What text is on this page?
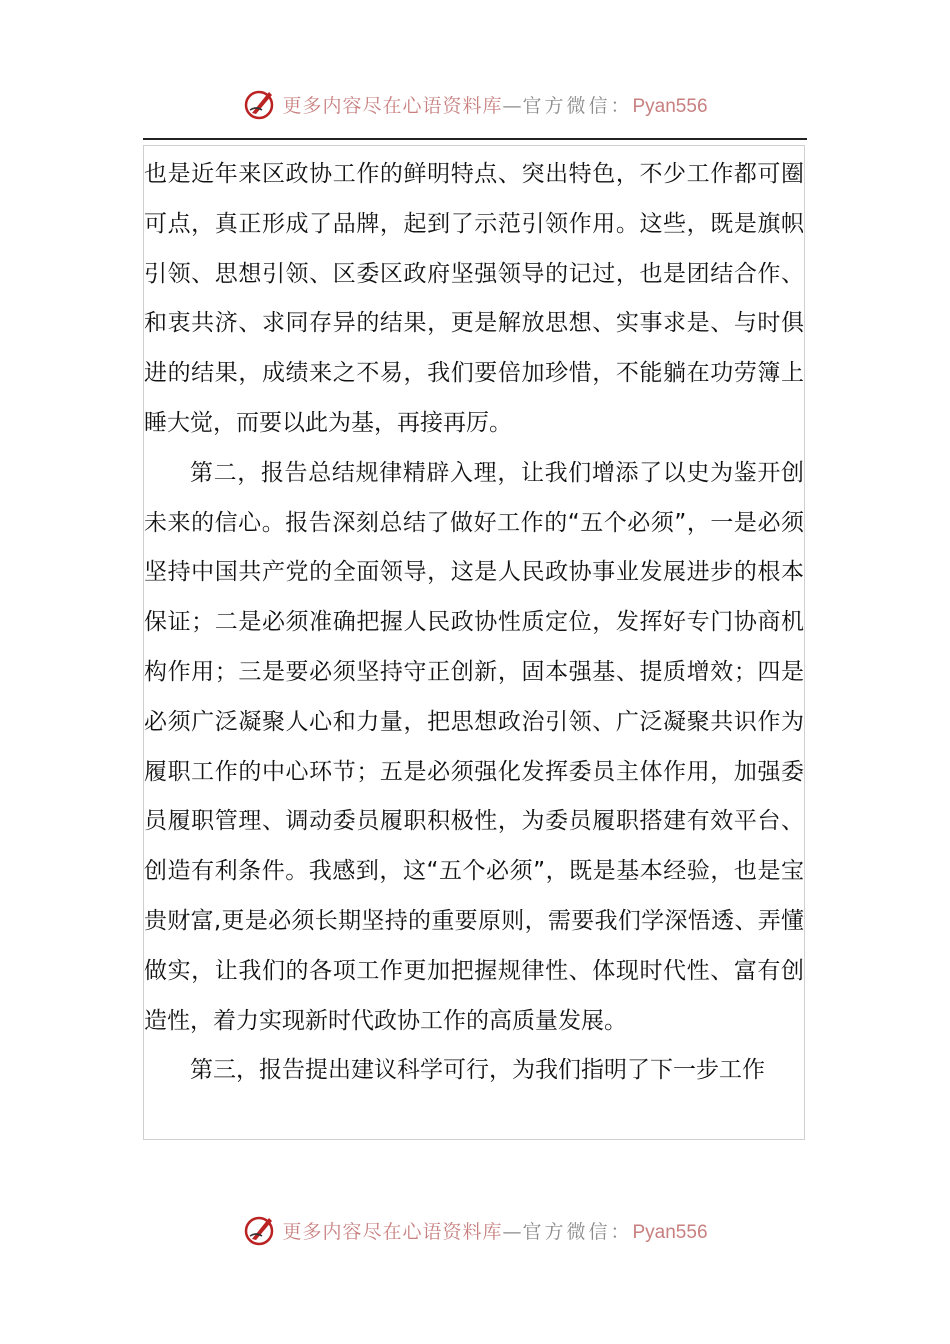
更多内容尽在心语资料库—官方微信：Pyan556

也是近年来区政协工作的鲜明特点、突出特色，不少工作都可圈可点，真正形成了品牌，起到了示范引领作用。这些，既是旗帜引领、思想引领、区委区政府坚强领导的记过，也是团结合作、和衷共济、求同存异的结果，更是解放思想、实事求是、与时俱进的结果，成绩来之不易，我们要倍加珍惜，不能躺在功劳簿上睡大觉，而要以此为基，再接再厉。

第二，报告总结规律精辟入理，让我们增添了以史为鉴开创未来的信心。报告深刻总结了做好工作的“五个必须”，一是必须坚持中国共产党的全面领导，这是人民政协事业发展进步的根本保证；二是必须准确把握人民政协性质定位，发挥好专门协商机构作用；三是要必须坚持守正创新，固本强基、提质增效；四是必须广泛凝聚人心和力量，把思想政治引领、广泛凝聚共识作为履职工作的中心环节；五是必须强化发挥委员主体作用，加强委员履职管理、调动委员履职积极性，为委员履职搭建有效平台、创造有利条件。我感到，这“五个必须”，既是基本经验，也是宝贵财富,更是必须长期坚持的重要原则，需要我们学深悟透、弄懂做实，让我们的各项工作更加把握规律性、体现时代性、富有创造性，着力实现新时代政协工作的高质量发展。

第三，报告提出建议科学可行，为我们指明了下一步工作

更多内容尽在心语资料库—官方微信：Pyan556
